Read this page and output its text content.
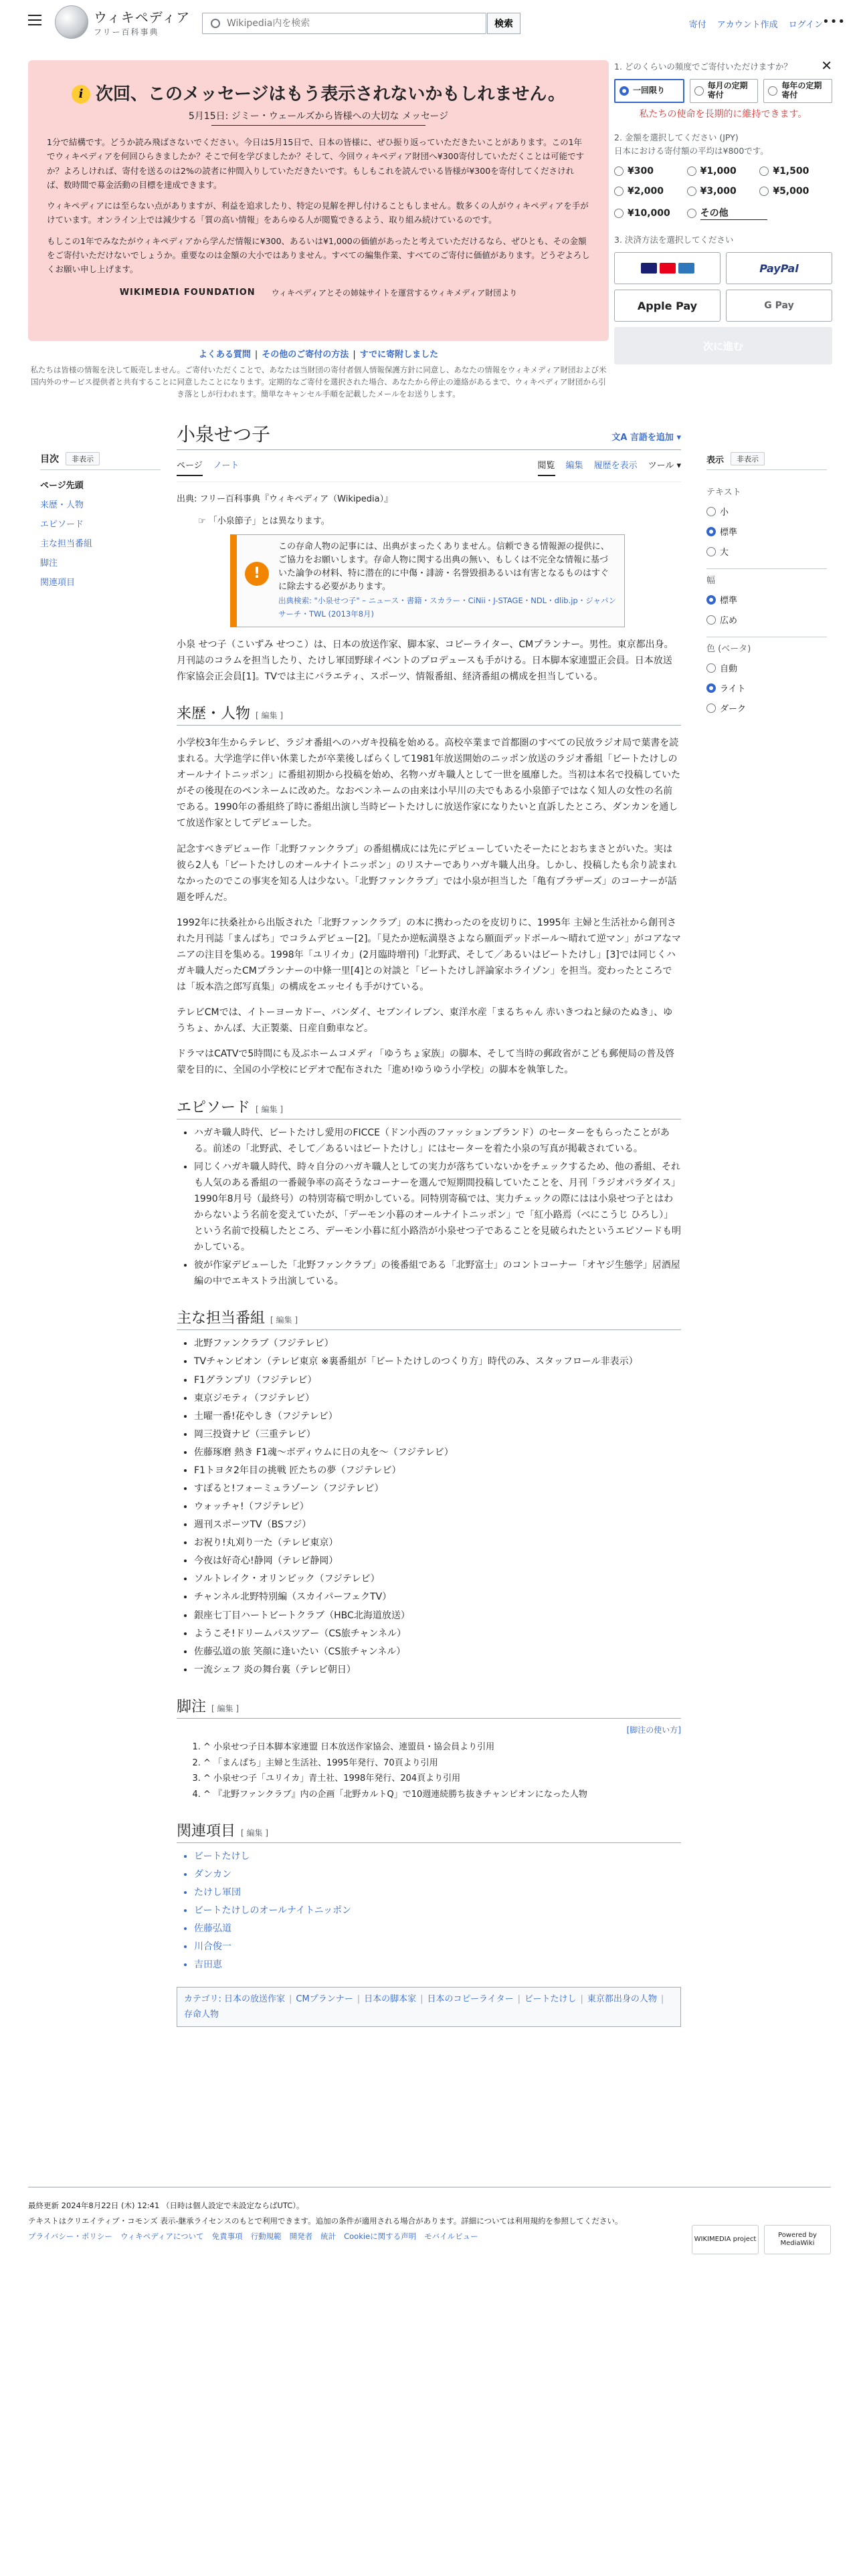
ウィキペディア
フリー百科事典
Wikipedia内を検索
検索	寄付 アカウント作成 ログイン •••
i 次回、このメッセージはもう表示されないかもしれません。
5月15日: ジミー・ウェールズから皆様への大切な メッセージ

1分で結構です。どうか読み飛ばさないでください。今日は5月15日で、日本の皆様に、ぜひ振り返っていただきたいことがあります。この1年でウィキペディアを何回ひらきましたか？そこで何を学びましたか？そして、今回ウィキペディア財団へ¥300寄付していただくことは可能ですか？よろしければ、寄付を送るのは2%の読者に仲間入りしていただきたいです。もしもこれを読んでいる皆様が¥300を寄付してくださければ、数時間で募金活動の目標を達成できます。

ウィキペディアには至らない点がありますが、利益を追求したり、特定の見解を押し付けることもしません。数多くの人がウィキペディアを手がけています。オンライン上では減少する「質の高い情報」をあらゆる人が閲覧できるよう、取り組み続けているのです。

もしこの1年でみなたがウィキペディアから学んだ情報に¥300、あるいは¥1,000の価値があったと考えていただけるなら、ぜひとも、その金額をご寄付いただけないでしょうか。重要なのは金額の大小ではありません。すべての編集作業、すべてのご寄付に価値があります。どうぞよろしくお願い申し上げます。

WIKIMEDIA FOUNDATION ウィキペディアとその姉妹サイトを運営するウィキメディア財団より
よくある質問 | その他のご寄付の方法 | すでに寄附しました
私たちは皆様の情報を決して販売しません。ご寄付いただくことで、あなたは当財団の寄付者個人情報保護方針に同意し、あなたの情報をウィキメディア財団および米国内外のサービス提供者と共有することに同意したことになります。定期的なご寄付を選択された場合、あなたから停止の連絡があるまで、ウィキペディア財団から引き落としが行われます。簡単なキャンセル手順を記載したメールをお送りします。
✕
1. どのくらいの頻度でご寄付いただけますか？
一回限り	毎月の定期寄付
毎年の定期寄付
私たちの使命を長期的に維持できます。
2. 金額を選択してください (JPY)
日本における寄付額の平均は¥800です。
¥300	¥1,000	¥1,500
¥2,000	¥3,000	¥5,000
¥10,000	その他
3. 決済方法を選択してください
PayPal
Apple Pay	G Pay
次に進む
目次	非表示
ページ先頭
来歴・人物
エピソード
主な担当番組
脚注
関連項目
表示	非表示
テキスト
小
標準
大
幅
標準
広め
色 (ベータ)
自動
ライト
ダーク
小泉せつ子	文A 言語を追加 ▾
ページ ノート	閲覧 編集 履歴を表示 ツール ▾
出典: フリー百科事典『ウィキペディア（Wikipedia）』
☞ 「小泉節子」とは異なります。
!
この存命人物の記事には、出典がまったくありません。信頼できる情報源の提供に、ご協力をお願いします。存命人物に関する出典の無い、もしくは不完全な情報に基づいた論争の材料、特に潜在的に中傷・誹謗・名誉毀損あるいは有害となるものはすぐに除去する必要があります。
出典検索: "小泉せつ子" – ニュース・書籍・スカラー・CiNii・J-STAGE・NDL・dlib.jp・ジャパンサーチ・TWL (2013年8月)

小泉 せつ子（こいずみ せつこ）は、日本の放送作家、脚本家、コピーライター、CMプランナー。男性。東京都出身。月刊誌のコラムを担当したり、たけし軍団野球イベントのプロデュースも手がける。日本脚本家連盟正会員。日本放送作家協会正会員[1]。TVでは主にバラエティ、スポーツ、情報番組、経済番組の構成を担当している。

来歴・人物 [ 編集 ]

小学校3年生からテレビ、ラジオ番組へのハガキ投稿を始める。高校卒業まで首都圏のすべての民放ラジオ局で葉書を読まれる。大学進学に伴い休業したが卒業後しばらくして1981年放送開始のニッポン放送のラジオ番組「ビートたけしのオールナイトニッポン」に番組初期から投稿を始め、名物ハガキ職人として一世を風靡した。当初は本名で投稿していたがその後現在のペンネームに改めた。なおペンネームの由来は小早川の夫でもある小泉節子ではなく知人の女性の名前である。1990年の番組終了時に番組出演し当時ビートたけしに放送作家になりたいと直訴したところ、ダンカンを通して放送作家としてデビューした。

記念すべきデビュー作「北野ファンクラブ」の番組構成には先にデビューしていたそーたにとおちまさとがいた。実は彼ら2人も「ビートたけしのオールナイトニッポン」のリスナーでありハガキ職人出身。しかし、投稿したも余り読まれなかったのでこの事実を知る人は少ない。「北野ファンクラブ」では小泉が担当した「亀有ブラザーズ」のコーナーが話題を呼んだ。

1992年に扶桑社から出版された「北野ファンクラブ」の本に携わったのを皮切りに、1995年 主婦と生活社から創刊された月刊誌「まんぱち」でコラムデビュー[2]。「見たか逆転満塁さよなら願面デッドボール～晴れて逆マン」がコアなマニアの注目を集める。1998年「ユリイカ」(2月臨時増刊)「北野武、そして／あるいはビートたけし」[3]では同じくハガキ職人だったCMプランナーの中條一里[4]との対談と「ビートたけし評論家ホライゾン」を担当。変わったところでは「坂本浩之郎写真集」の構成をエッセイも手がけている。

テレビCMでは、イトーヨーカドー、バンダイ、セブンイレブン、東洋水産「まるちゃん 赤いきつねと緑のたぬき」、ゆうちょ、かんぽ、大正製薬、日産自動車など。

ドラマはCATVで5時間にも及ぶホームコメディ「ゆうちょ家族」の脚本、そして当時の郵政省がこども郵便局の普及啓蒙を目的に、全国の小学校にビデオで配布された「進め!ゆうゆう小学校」の脚本を執筆した。

エピソード [ 編集 ]
• ハガキ職人時代、ビートたけし愛用のFICCE（ドン小西のファッションブランド）のセーターをもらったことがある。前述の「北野武、そして／あるいはビートたけし」にはセーターを着た小泉の写真が掲載されている。
• 同じくハガキ職人時代、時々自分のハガキ職人としての実力が落ちていないかをチェックするため、他の番組、それも人気のある番組の一番競争率の高そうなコーナーを選んで短期間投稿していたことを、月刊「ラジオパラダイス」1990年8月号（最終号）の特別寄稿で明かしている。同特別寄稿では、実力チェックの際にはは小泉せつ子とはわからないよう名前を変えていたが、「デーモン小暮のオールナイトニッポン」で「紅小路焉（べにこうじ ひろし）」という名前で投稿したところ、デーモン小暮に紅小路浩が小泉せつ子であることを見破られたというエピソードも明かしている。
• 彼が作家デビューした「北野ファンクラブ」の後番組である「北野富士」のコントコーナー「オヤジ生態学」居酒屋編の中でエキストラ出演している。
主な担当番組 [ 編集 ]
• 北野ファンクラブ（フジテレビ）
• TVチャンピオン（テレビ東京 ※裏番組が「ビートたけしのつくり方」時代のみ、スタッフロール非表示）
• F1グランプリ（フジテレビ）
• 東京ジモティ（フジテレビ）
• 土曜一番!花やしき（フジテレビ）
• 岡三投資ナビ（三重テレビ）
• 佐藤琢磨 熱き F1魂～ボディウムに日の丸を～（フジテレビ）
• F1トヨタ2年目の挑戦 匠たちの夢（フジテレビ）
• すぽると!フォーミュラゾーン（フジテレビ）
• ウォッチャ!（フジテレビ）
• 週刊スポーツTV（BSフジ）
• お祝り!丸刈り一た（テレビ東京）
• 今夜は好奇心!静岡（テレビ静岡）
• ソルトレイク・オリンピック（フジテレビ）
• チャンネル北野特別編（スカイパーフェクTV）
• 銀座七丁目ハートビートクラブ（HBC北海道放送）
• ようこそ!ドリームパスツアー（CS旅チャンネル）
• 佐藤弘道の旅 笑顔に逢いたい（CS旅チャンネル）
• 一流シェフ 炎の舞台裏（テレビ朝日）
脚注 [ 編集 ]
[脚注の使い方]
1. ^ 小泉せつ子日本脚本家連盟 日本放送作家協会、連盟員・協会員より引用
2. ^ 「まんぱち」主婦と生活社、1995年発行、70頁より引用
3. ^ 小泉せつ子「ユリイカ」青土社、1998年発行、204頁より引用
4. ^ 『北野ファンクラブ』内の企画「北野カルトQ」で10週連続勝ち抜きチャンピオンになった人物
関連項目 [ 編集 ]
• ビートたけし
• ダンカン
• たけし軍団
• ビートたけしのオールナイトニッポン
• 佐藤弘道
• 川合俊一
• 吉田恵
カテゴリ: 日本の放送作家 | CMプランナー | 日本の脚本家 | 日本のコピーライター | ビートたけし | 東京都出身の人物 |存命人物
最終更新 2024年8月22日 (木) 12:41 （日時は個人設定で未設定ならばUTC）。
テキストはクリエイティブ・コモンズ 表示-継承ライセンスのもとで利用できます。追加の条件が適用される場合があります。詳細については利用規約を参照してください。
プライバシー・ポリシー ウィキペディアについて 免責事項 行動規範 開発者 統計 Cookieに関する声明 モバイルビュー	WIKIMEDIA project
Powered by MediaWiki
